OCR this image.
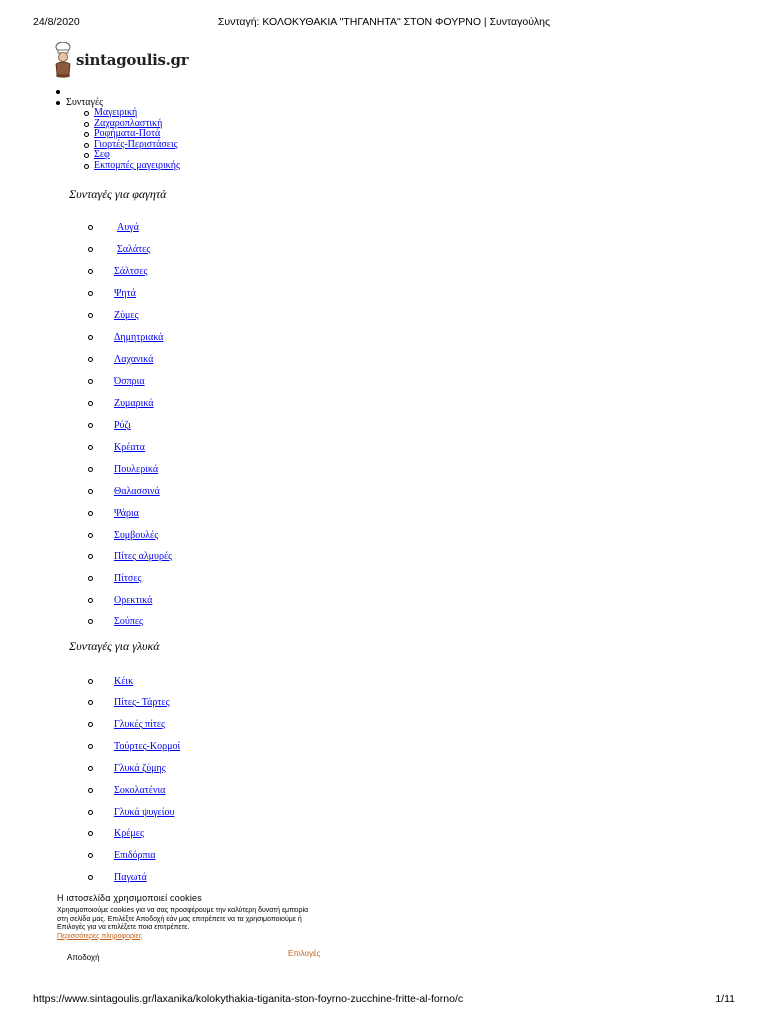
24/8/2020	Συνταγή: ΚΟΛΟΚΥΘΑΚΙΑ "ΤΗΓΑΝΗΤΑ" ΣΤΟΝ ΦΟΥΡΝΟ | Συνταγούλης
sintagoulis.gr
Συνταγές
Μαγειρική
Ζαχαροπλαστική
Ροφήματα-Ποτά
Γιορτές-Περιστάσεις
Σεφ
Εκπομπές μαγειρικής
Συνταγές για φαγητά
Αυγά
Σαλάτες
Σάλτσες
Ψητά
Ζύμες
Δημητριακά
Λαχανικά
Όσπρια
Ζυμαρικά
Ρύζι
Κρέατα
Πουλερικά
Θαλασσινά
Ψάρια
Συμβουλές
Πίτες αλμυρές
Πίτσες
Ορεκτικά
Σούπες
Συνταγές για γλυκά
Κέικ
Πίτες- Τάρτες
Γλυκές πίτες
Τούρτες-Κορμοί
Γλυκά ζύμης
Σοκολατένια
Γλυκά ψυγείου
Κρέμες
Επιδόρπια
Παγωτά

Η ιστοσελίδα χρησιμοποιεί cookies

Χρησιμοποιούμε cookies για να σας προσφέρουμε την καλύτερη δυνατή εμπειρία στη σελίδα μας. Επιλέξτε Αποδοχή εάν μας επιτρέπετε να τα χρησιμοποιούμε ή Επιλογές για να επιλέξετε ποια επιτρέπετε.

Περισσότερες πληροφορίες
Αποδοχή	Επιλογές
https://www.sintagoulis.gr/laxanika/kolokythakia-tiganita-ston-foyrno-zucchine-fritte-al-forno/c	1/11
